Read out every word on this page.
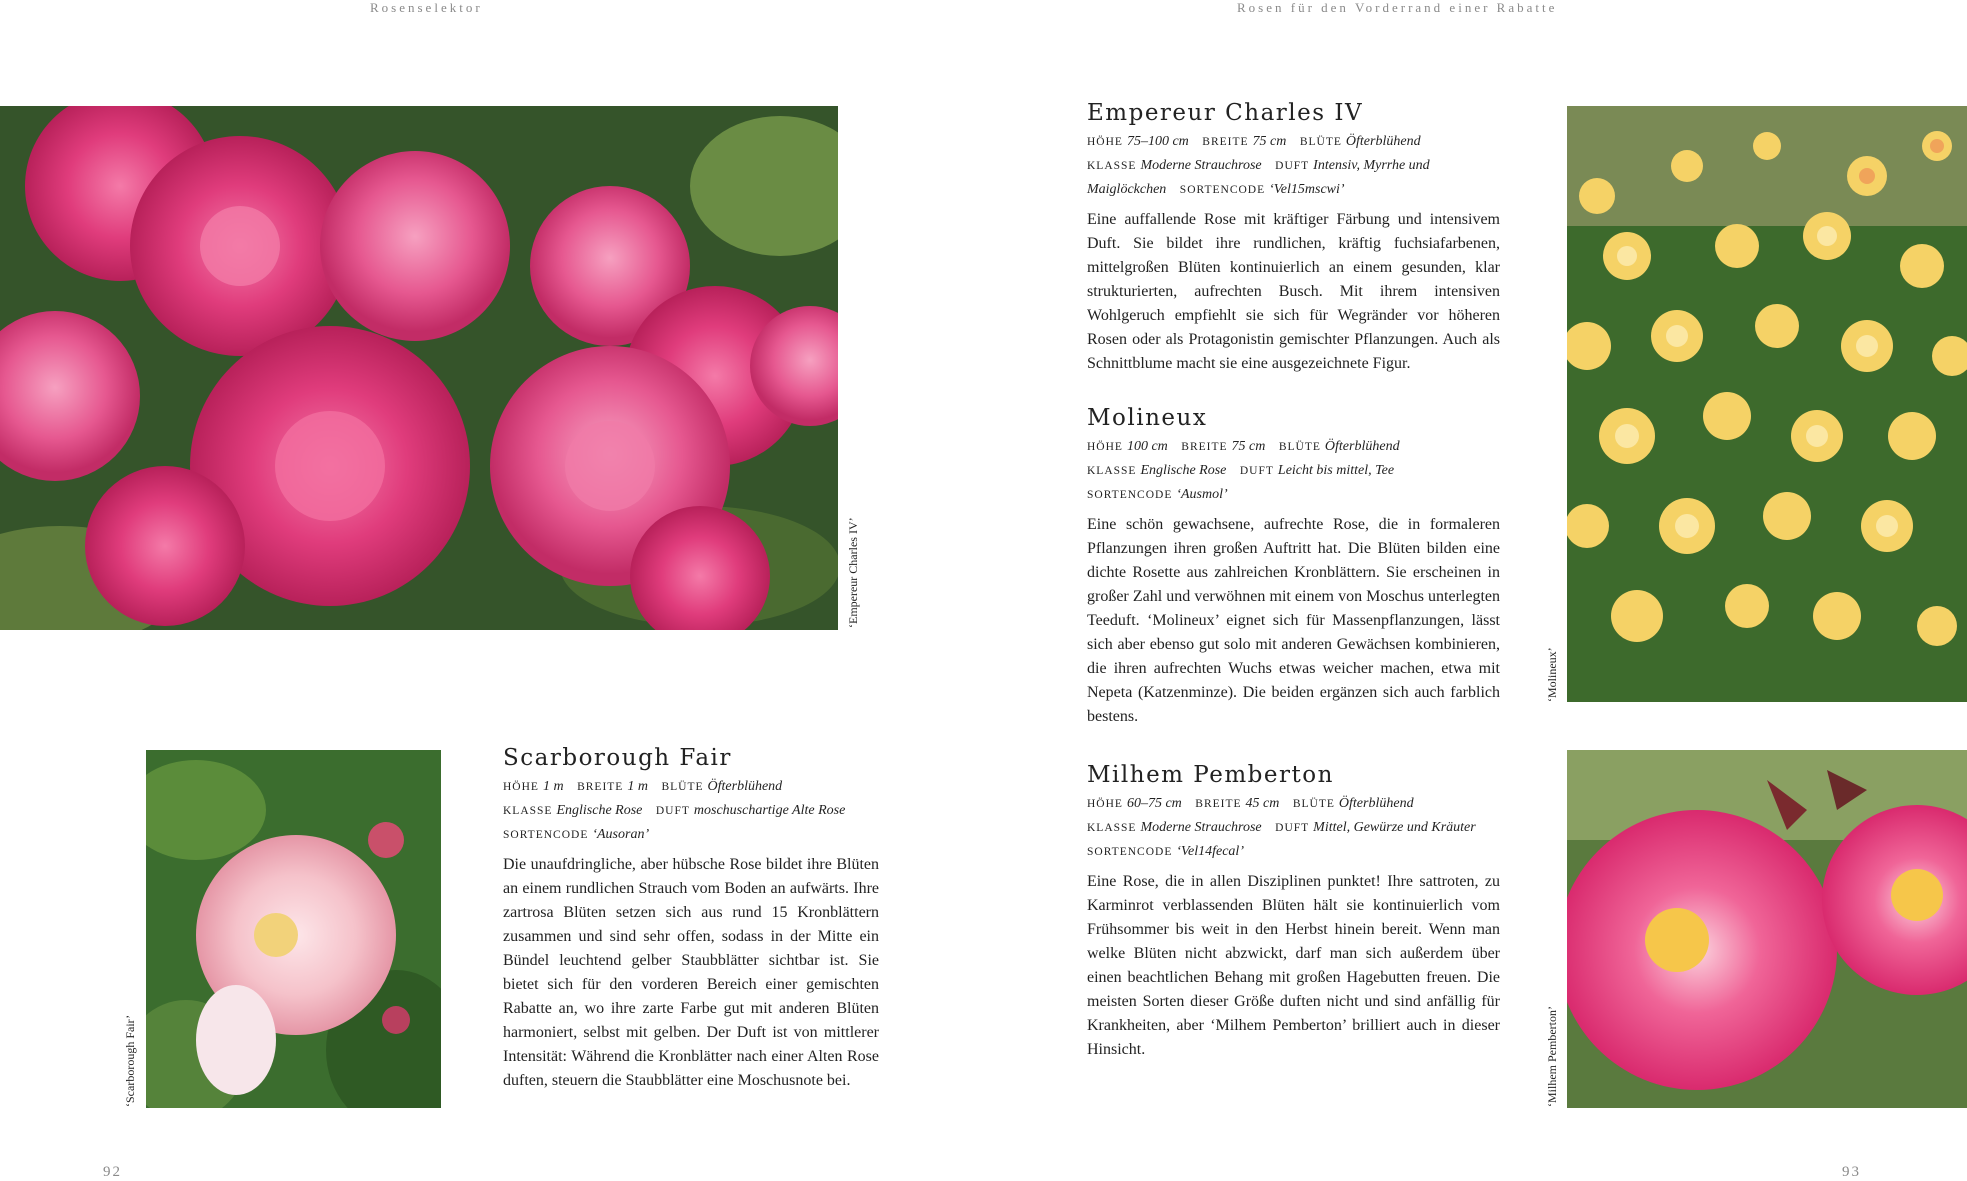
Rosenselektor	Rosen für den Vorderrand einer Rabatte
‘Empereur Charles IV’
‘Scarborough Fair’
‘Molineux’
‘Milhem Pemberton’
Empereur Charles IV
HÖHE 75–100 cm BREITE 75 cm BLÜTE Öfterblühend
KLASSE Moderne Strauchrose DUFT Intensiv, Myrrhe und Maiglöckchen SORTENCODE ‘Vel15mscwi’

Eine auffallende Rose mit kräftiger Färbung und intensivem Duft. Sie bildet ihre rundlichen, kräftig fuchsiafarbenen, mittelgroßen Blüten kontinuierlich an einem gesunden, klar strukturierten, aufrechten Busch. Mit ihrem intensiven Wohlgeruch empfiehlt sie sich für Wegränder vor höheren Rosen oder als Protagonistin gemischter Pflanzungen. Auch als Schnittblume macht sie eine ausgezeichnete Figur.

Molineux
HÖHE 100 cm BREITE 75 cm BLÜTE Öfterblühend
KLASSE Englische Rose DUFT Leicht bis mittel, Tee
SORTENCODE ‘Ausmol’

Eine schön gewachsene, aufrechte Rose, die in formaleren Pflanzungen ihren großen Auftritt hat. Die Blüten bilden eine dichte Rosette aus zahlreichen Kronblättern. Sie erscheinen in großer Zahl und verwöhnen mit einem von Moschus unterlegten Teeduft. ‘Molineux’ eignet sich für Massenpflanzungen, lässt sich aber ebenso gut solo mit anderen Gewächsen kombinieren, die ihren aufrechten Wuchs etwas weicher machen, etwa mit Nepeta (Katzenminze). Die beiden ergänzen sich auch farblich bestens.

Milhem Pemberton
HÖHE 60–75 cm BREITE 45 cm BLÜTE Öfterblühend
KLASSE Moderne Strauchrose DUFT Mittel, Gewürze und Kräuter SORTENCODE ‘Vel14fecal’

Eine Rose, die in allen Disziplinen punktet! Ihre sattroten, zu Karminrot verblassenden Blüten hält sie kontinuierlich vom Frühsommer bis weit in den Herbst hinein bereit. Wenn man welke Blüten nicht abzwickt, darf man sich außerdem über einen beachtlichen Behang mit großen Hagebutten freuen. Die meisten Sorten dieser Größe duften nicht und sind anfällig für Krankheiten, aber ‘Milhem Pemberton’ brilliert auch in dieser Hinsicht.

Scarborough Fair
HÖHE 1 m BREITE 1 m BLÜTE Öfterblühend
KLASSE Englische Rose DUFT moschuschartige Alte Rose
SORTENCODE ‘Ausoran’

Die unaufdringliche, aber hübsche Rose bildet ihre Blüten an einem rundlichen Strauch vom Boden an aufwärts. Ihre zartrosa Blüten setzen sich aus rund 15 Kronblättern zusammen und sind sehr offen, sodass in der Mitte ein Bündel leuchtend gelber Staubblätter sichtbar ist. Sie bietet sich für den vorderen Bereich einer gemischten Rabatte an, wo ihre zarte Farbe gut mit anderen Blüten harmoniert, selbst mit gelben. Der Duft ist von mittlerer Intensität: Während die Kronblätter nach einer Alten Rose duften, steuern die Staubblätter eine Moschusnote bei.

92	93
